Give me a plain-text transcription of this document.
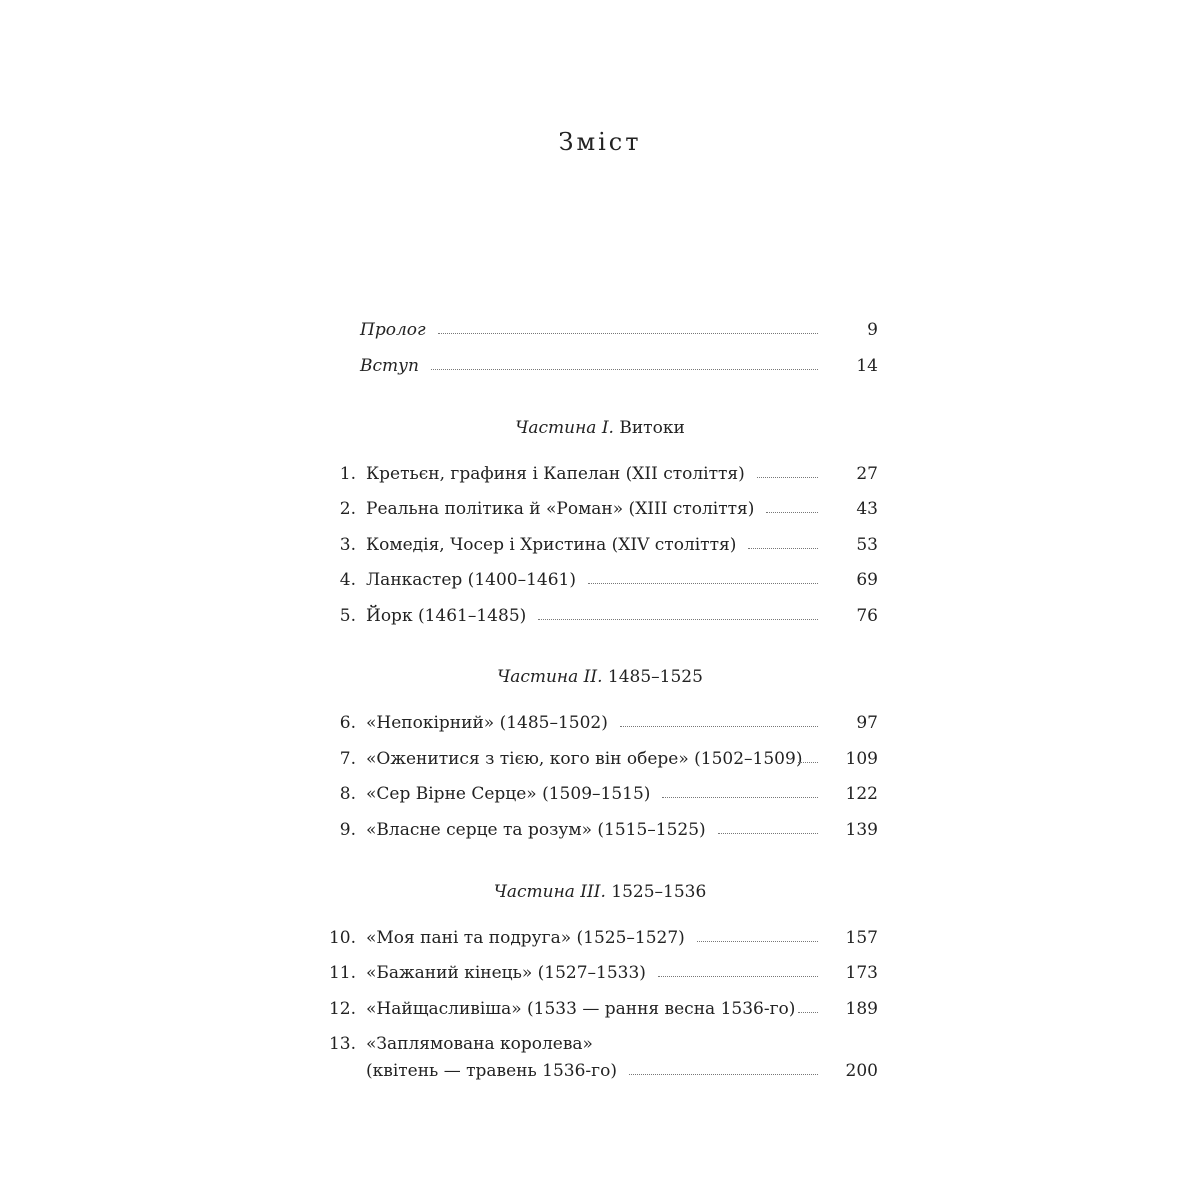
Зміст
Пролог	9
Вступ	14
Частина I. Витоки
1. Кретьєн, графиня і Капелан (XII століття)	27
2. Реальна політика й «Роман» (XIII століття)	43
3. Комедія, Чосер і Христина (XIV століття)	53
4. Ланкастер (1400–1461)	69
5. Йорк (1461–1485)	76
Частина II. 1485–1525
6. «Непокірний» (1485–1502)	97
7. «Оженитися з тією, кого він обере» (1502–1509)	109
8. «Сер Вірне Серце» (1509–1515)	122
9. «Власне серце та розум» (1515–1525)	139
Частина III. 1525–1536
10. «Моя пані та подруга» (1525–1527)	157
11. «Бажаний кінець» (1527–1533)	173
12. «Найщасливіша» (1533 — рання весна 1536-го)	189
13. «Заплямована королева»
(квітень — травень 1536-го)	200
